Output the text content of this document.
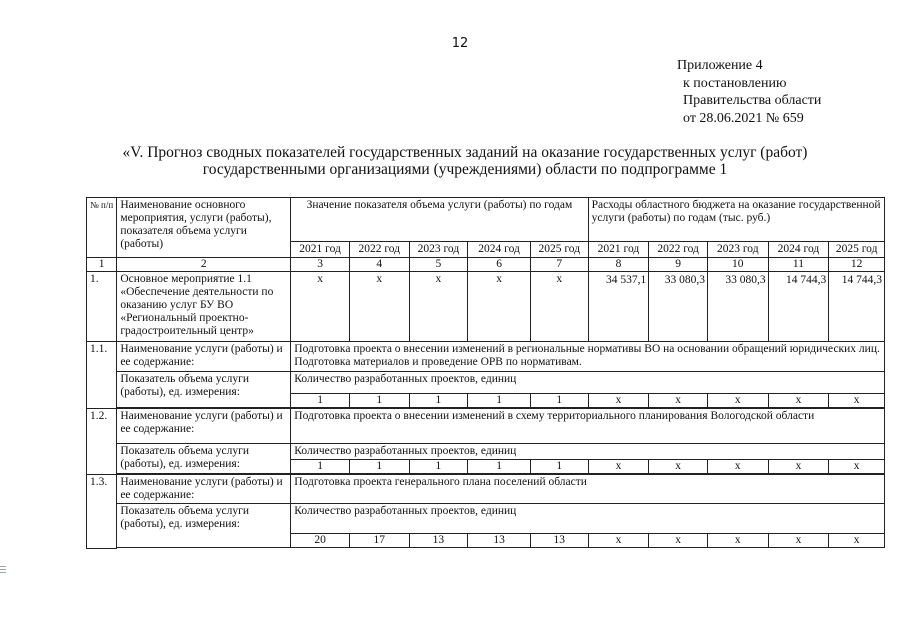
12
Приложение 4
к постановлению
Правительства области
от 28.06.2021 № 659
«V. Прогноз сводных показателей государственных заданий на оказание государственных услуг (работ)
государственными организациями (учреждениями) области по подпрограмме 1
№ п/п	Наименование основного мероприятия, услуги (работы), показателя объема услуги (работы)	Значение показателя объема услуги (работы) по годам					Расходы областного бюджета на оказание государственной услуги (работы) по годам (тыс. руб.)				
		2021 год	2022 год	2023 год	2024 год	2025 год	2021 год	2022 год	2023 год	2024 год	2025 год
1	2	3	4	5	6	7	8	9	10	11	12
1.	Основное мероприятие 1.1 «Обеспечение деятельности по оказанию услуг БУ ВО «Региональный проектно-градостроительный центр»	х	х	х	х	х	34 537,1	33 080,3	33 080,3	14 744,3	14 744,3
1.1.	Наименование услуги (работы) и ее содержание:	Подготовка проекта о внесении изменений в региональные нормативы ВО на основании обращений юридических лиц. Подготовка материалов и проведение ОРВ по нормативам.									
	Показатель объема услуги (работы), ед. измерения:	Количество разработанных проектов, единиц									
		1	1	1	1	1	х	х	х	х	х

1.2.	Наименование услуги (работы) и ее содержание:	Подготовка проекта о внесении изменений в схему территориального планирования Вологодской области									
	Показатель объема услуги (работы), ед. измерения:	Количество разработанных проектов, единиц									
		1	1	1	1	1	х	х	х	х	х

1.3.	Наименование услуги (работы) и ее содержание:	Подготовка проекта генерального плана поселений области									
	Показатель объема услуги (работы), ед. измерения:	Количество разработанных проектов, единиц									
		20	17	13	13	13	х	х	х	х	х
